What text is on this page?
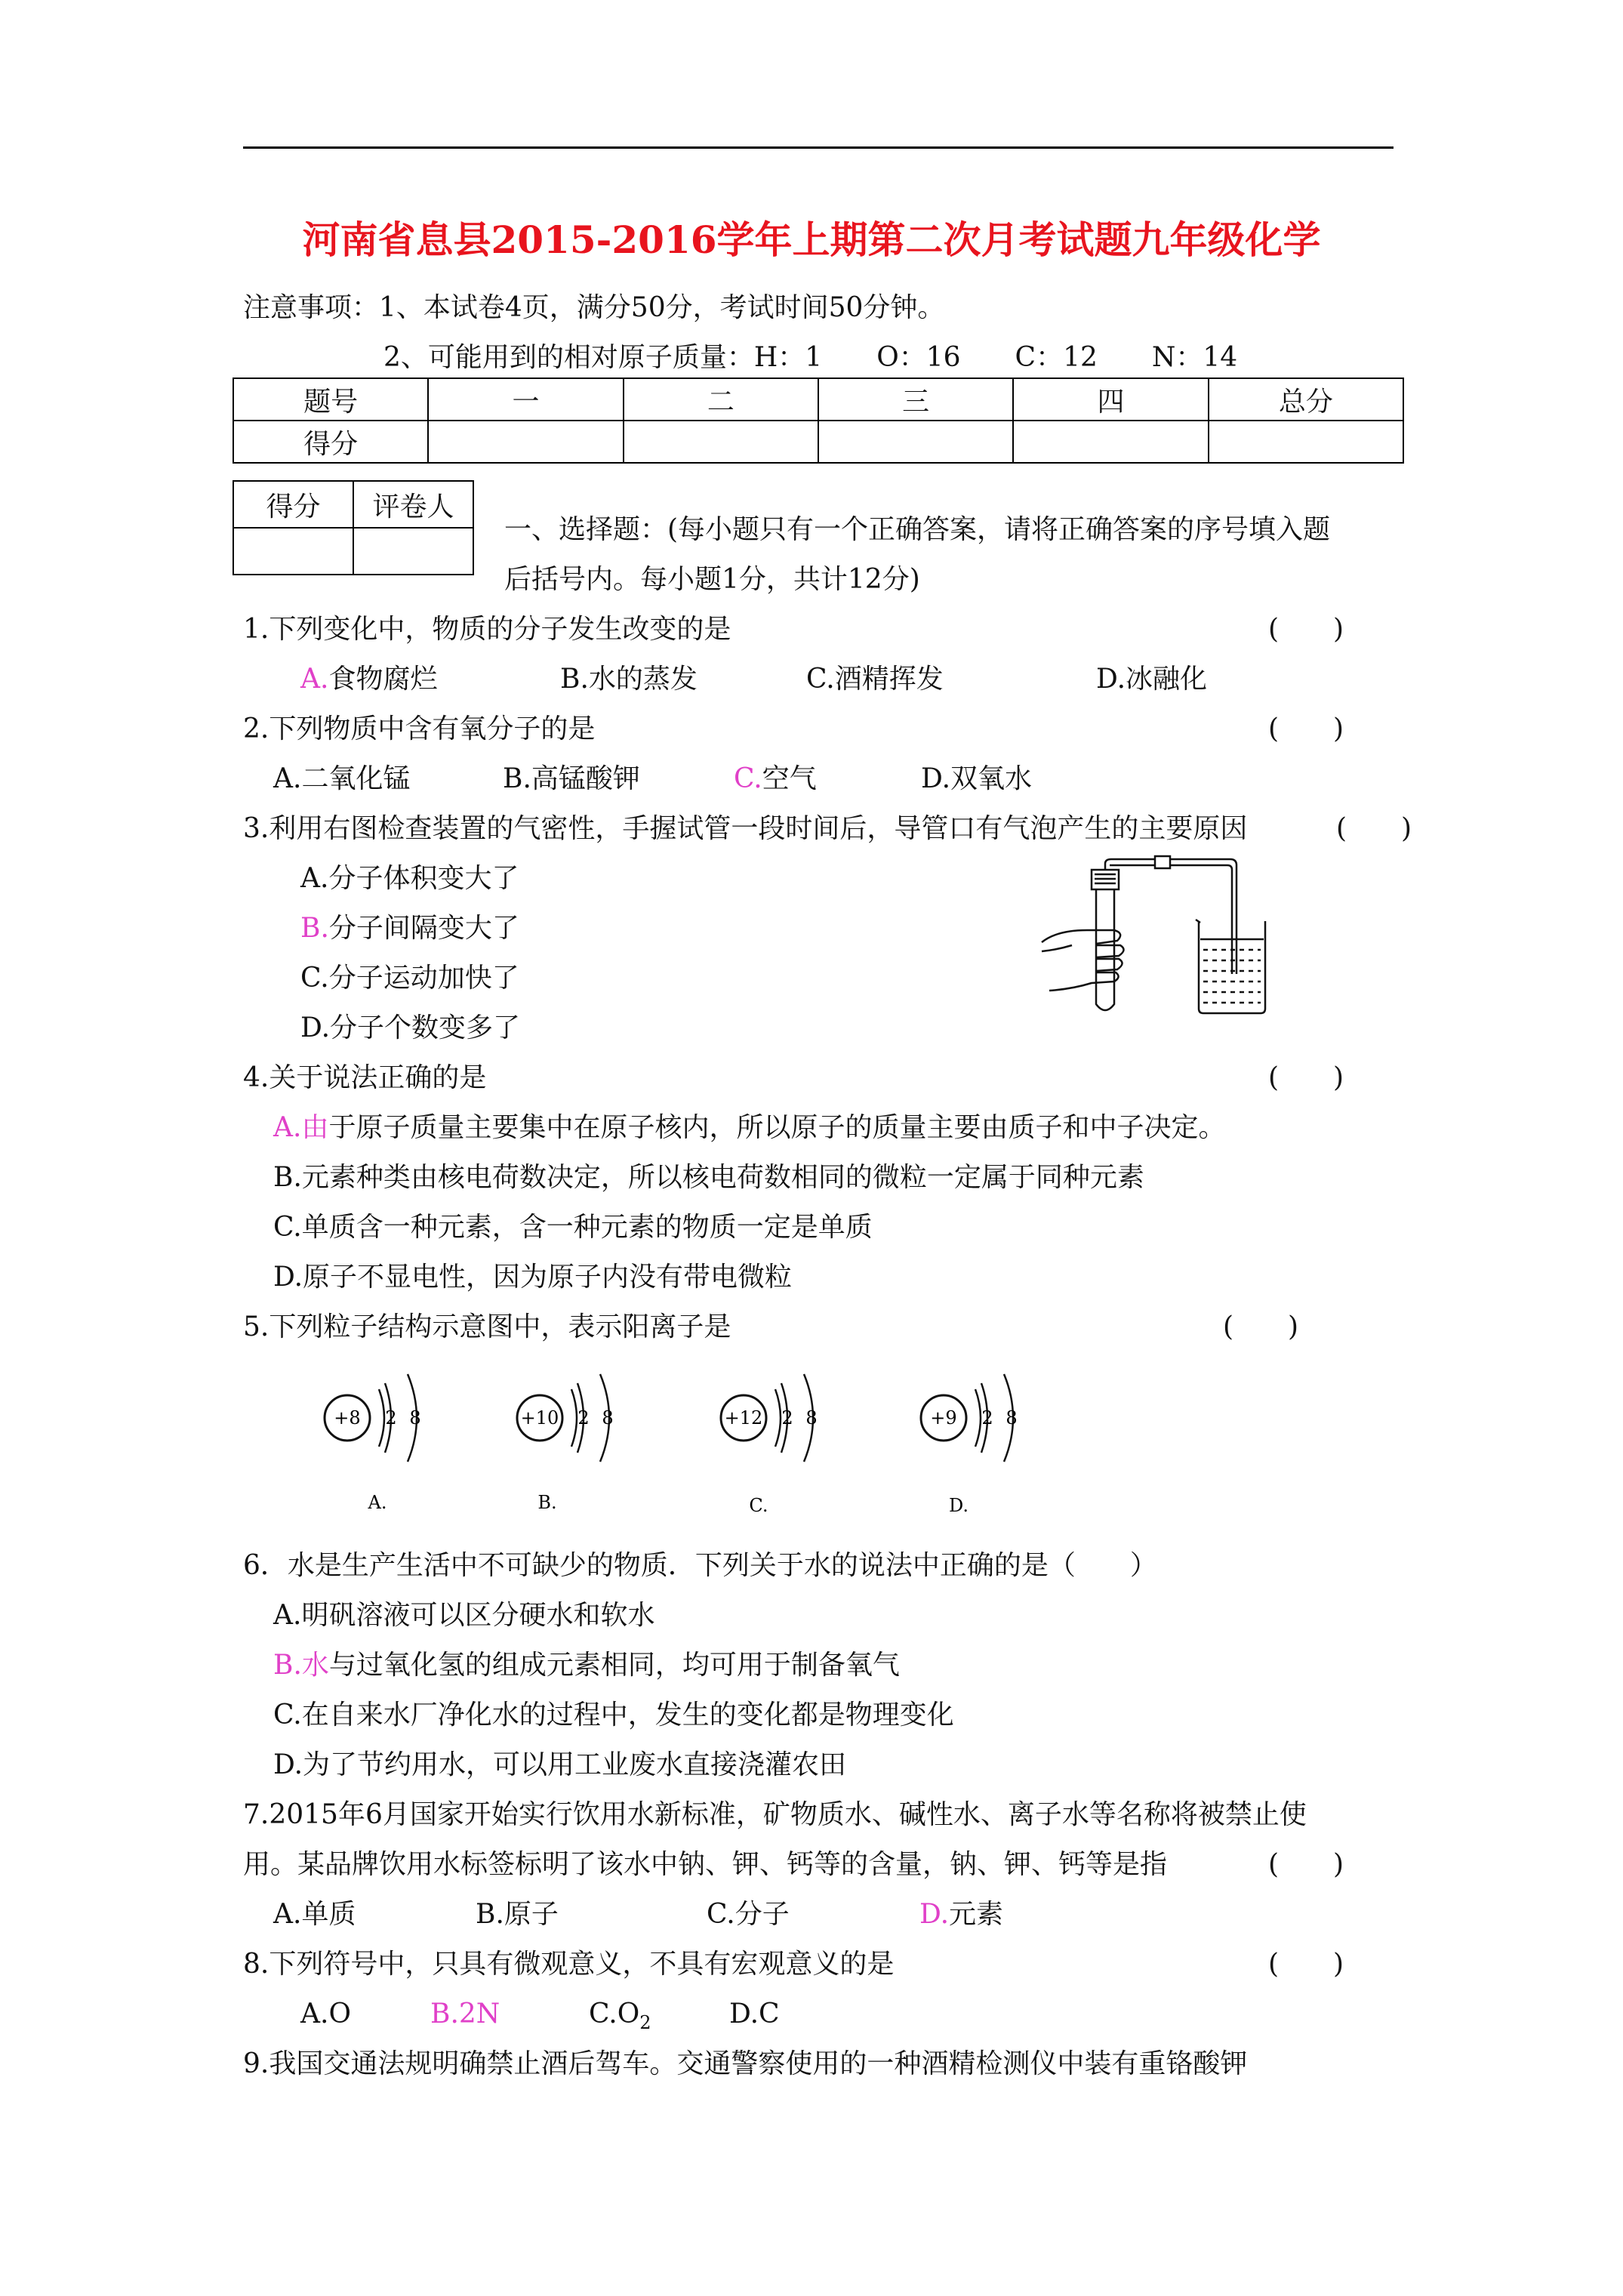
河南省息县2015-2016学年上期第二次月考试题九年级化学
注意事项：1、本试卷4页，满分50分，考试时间50分钟。
2、可能用到的相对原子质量：H：1　　O：16　　C：12　　N：14
题号	一	二	三	四	总分
得分					
得分	评卷人

一、选择题：(每小题只有一个正确答案，请将正确答案的序号填入题
后括号内。每小题1分，共计12分)
1.下列变化中，物质的分子发生改变的是	(　　)
A.食物腐烂	B.水的蒸发	C.酒精挥发	D.冰融化
2.下列物质中含有氧分子的是	(　　)
A.二氧化锰	B.高锰酸钾	C.空气	D.双氧水
3.利用右图检查装置的气密性，手握试管一段时间后，导管口有气泡产生的主要原因	(　　)
A.分子体积变大了
B.分子间隔变大了
C.分子运动加快了
D.分子个数变多了
4.关于说法正确的是	(　　)
A.由于原子质量主要集中在原子核内，所以原子的质量主要由质子和中子决定。
B.元素种类由核电荷数决定，所以核电荷数相同的微粒一定属于同种元素
C.单质含一种元素，含一种元素的物质一定是单质
D.原子不显电性，因为原子内没有带电微粒
5.下列粒子结构示意图中，表示阳离子是	(　　)
+8 2 8
A.
+10 2 8
B.
+12 2 8
C.
+9 2 8
D.
6．水是生产生活中不可缺少的物质．下列关于水的说法中正确的是（　　）
A.明矾溶液可以区分硬水和软水
B.水与过氧化氢的组成元素相同，均可用于制备氧气
C.在自来水厂净化水的过程中，发生的变化都是物理变化
D.为了节约用水，可以用工业废水直接浇灌农田
7.2015年6月国家开始实行饮用水新标准，矿物质水、碱性水、离子水等名称将被禁止使
用。某品牌饮用水标签标明了该水中钠、钾、钙等的含量，钠、钾、钙等是指	(　　)
A.单质	B.原子	C.分子	D.元素
8.下列符号中，只具有微观意义，不具有宏观意义的是	(　　)
A.O	B.2N	$C.O_2$	D.C
9.我国交通法规明确禁止酒后驾车。交通警察使用的一种酒精检测仪中装有重铬酸钾
